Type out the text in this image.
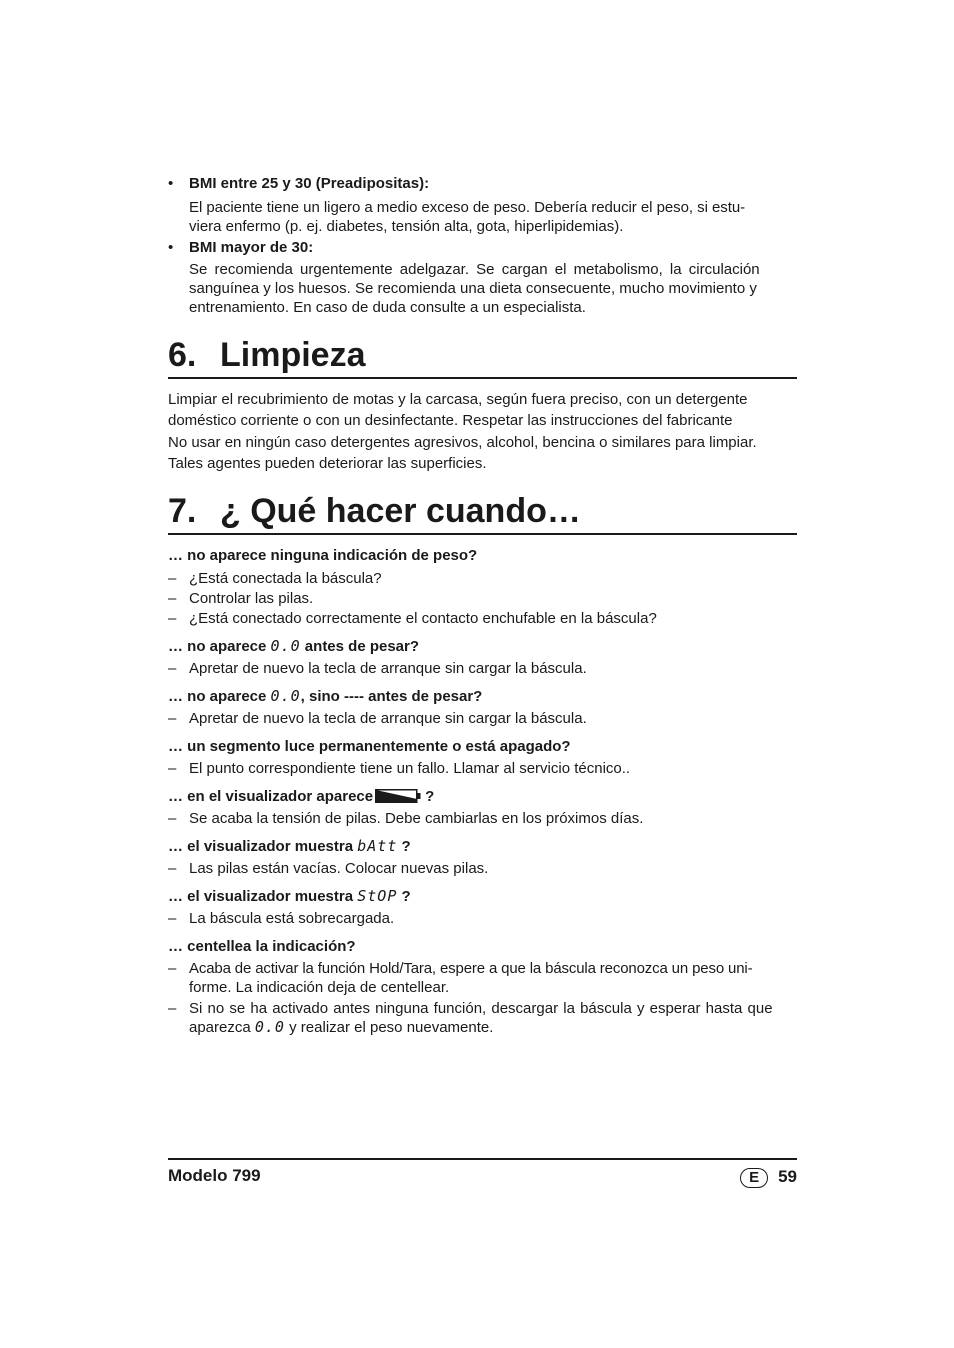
• BMI entre 25 y 30 (Preadipositas):

El paciente tiene un ligero a medio exceso de peso. Debería reducir el peso, si estu-

viera enfermo (p. ej. diabetes, tensión alta, gota, hiperlipidemias).

• BMI mayor de 30:

Se recomienda urgentemente adelgazar. Se cargan el metabolismo, la circulación

sanguínea y los huesos. Se recomienda una dieta consecuente, mucho movimiento y

entrenamiento. En caso de duda consulte a un especialista.

6. Limpieza

Limpiar el recubrimiento de motas y la carcasa, según fuera preciso, con un detergente

doméstico corriente o con un desinfectante. Respetar las instrucciones del fabricante

No usar en ningún caso detergentes agresivos, alcohol, bencina o similares para limpiar.

Tales agentes pueden deteriorar las superficies.

7. ¿ Qué hacer cuando…

… no aparece ninguna indicación de peso?

– ¿Está conectada la báscula?

– Controlar las pilas.

– ¿Está conectado correctamente el contacto enchufable en la báscula?

… no aparece 0.0 antes de pesar?

– Apretar de nuevo la tecla de arranque sin cargar la báscula.

… no aparece 0.0, sino ---- antes de pesar?

– Apretar de nuevo la tecla de arranque sin cargar la báscula.

… un segmento luce permanentemente o está apagado?

– El punto correspondiente tiene un fallo. Llamar al servicio técnico..

… en el visualizador aparece	?

– Se acaba la tensión de pilas. Debe cambiarlas en los próximos días.

… el visualizador muestra bAtt ?

– Las pilas están vacías. Colocar nuevas pilas.

… el visualizador muestra StOP ?

– La báscula está sobrecargada.

… centellea la indicación?

– Acaba de activar la función Hold/Tara, espere a que la báscula reconozca un peso uni-
forme. La indicación deja de centellear.
– Si no se ha activado antes ninguna función, descargar la báscula y esperar hasta que
aparezca 0.0 y realizar el peso nuevamente.
Modelo 799	E 59
